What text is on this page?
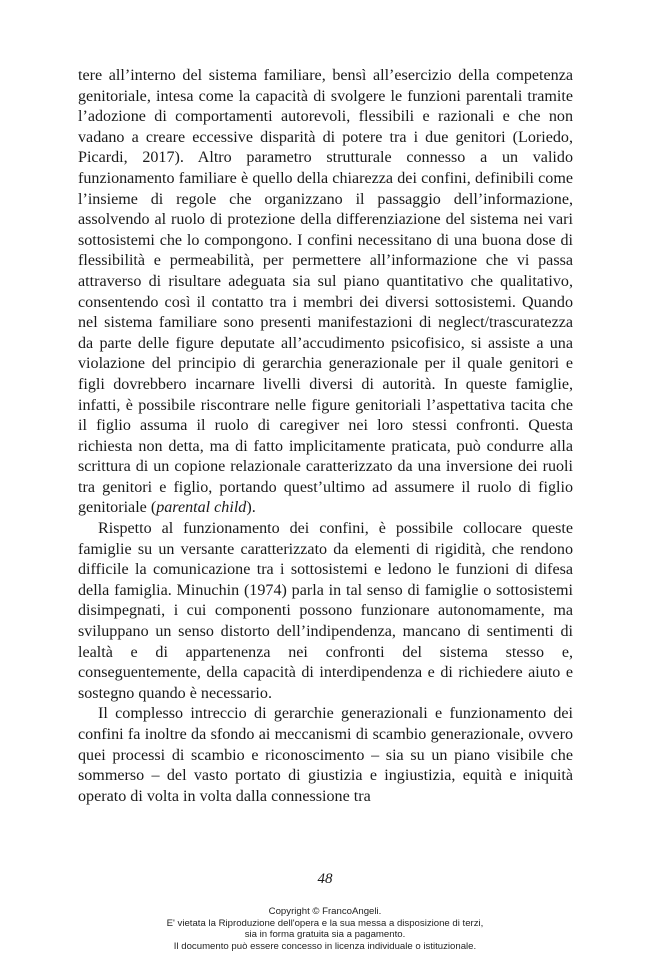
tere all’interno del sistema familiare, bensì all’esercizio della competenza genitoriale, intesa come la capacità di svolgere le funzioni parentali tramite l’adozione di comportamenti autorevoli, flessibili e razionali e che non vadano a creare eccessive disparità di potere tra i due genitori (Loriedo, Picardi, 2017). Altro parametro strutturale connesso a un valido funzionamento familiare è quello della chiarezza dei confini, definibili come l’insieme di regole che organizzano il passaggio dell’informazione, assolvendo al ruolo di protezione della differenziazione del sistema nei vari sottosistemi che lo compongono. I confini necessitano di una buona dose di flessibilità e permeabilità, per permettere all’informazione che vi passa attraverso di risultare adeguata sia sul piano quantitativo che qualitativo, consentendo così il contatto tra i membri dei diversi sottosistemi. Quando nel sistema familiare sono presenti manifestazioni di neglect/trascuratezza da parte delle figure deputate all’accudimento psicofisico, si assiste a una violazione del principio di gerarchia generazionale per il quale genitori e figli dovrebbero incarnare livelli diversi di autorità. In queste famiglie, infatti, è possibile riscontrare nelle figure genitoriali l’aspettativa tacita che il figlio assuma il ruolo di caregiver nei loro stessi confronti. Questa richiesta non detta, ma di fatto implicitamente praticata, può condurre alla scrittura di un copione relazionale caratterizzato da una inversione dei ruoli tra genitori e figlio, portando quest’ultimo ad assumere il ruolo di figlio genitoriale (parental child).

Rispetto al funzionamento dei confini, è possibile collocare queste famiglie su un versante caratterizzato da elementi di rigidità, che rendono difficile la comunicazione tra i sottosistemi e ledono le funzioni di difesa della famiglia. Minuchin (1974) parla in tal senso di famiglie o sottosistemi disimpegnati, i cui componenti possono funzionare autonomamente, ma sviluppano un senso distorto dell’indipendenza, mancano di sentimenti di lealtà e di appartenenza nei confronti del sistema stesso e, conseguentemente, della capacità di interdipendenza e di richiedere aiuto e sostegno quando è necessario.

Il complesso intreccio di gerarchie generazionali e funzionamento dei confini fa inoltre da sfondo ai meccanismi di scambio generazionale, ovvero quei processi di scambio e riconoscimento – sia su un piano visibile che sommerso – del vasto portato di giustizia e ingiustizia, equità e iniquità operato di volta in volta dalla connessione tra

48
Copyright © FrancoAngeli.
E' vietata la Riproduzione dell'opera e la sua messa a disposizione di terzi,
sia in forma gratuita sia a pagamento.
Il documento può essere concesso in licenza individuale o istituzionale.
